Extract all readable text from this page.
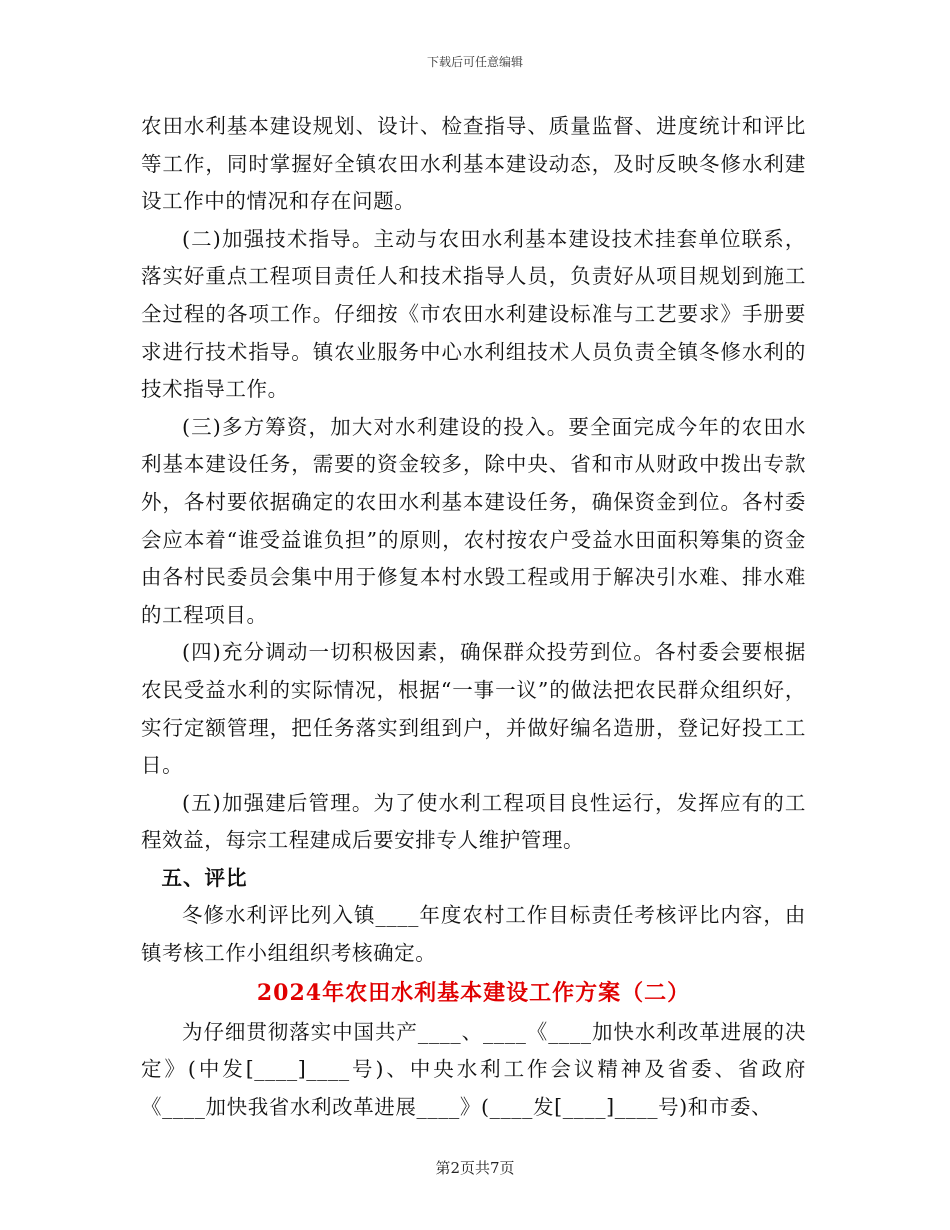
下载后可任意编辑

农田水利基本建设规划、设计、检查指导、质量监督、进度统计和评比等工作，同时掌握好全镇农田水利基本建设动态，及时反映冬修水利建设工作中的情况和存在问题。

(二)加强技术指导。主动与农田水利基本建设技术挂套单位联系，落实好重点工程项目责任人和技术指导人员，负责好从项目规划到施工全过程的各项工作。仔细按《市农田水利建设标准与工艺要求》手册要求进行技术指导。镇农业服务中心水利组技术人员负责全镇冬修水利的技术指导工作。

(三)多方筹资，加大对水利建设的投入。要全面完成今年的农田水利基本建设任务，需要的资金较多，除中央、省和市从财政中拨出专款外，各村要依据确定的农田水利基本建设任务，确保资金到位。各村委会应本着“谁受益谁负担”的原则，农村按农户受益水田面积筹集的资金由各村民委员会集中用于修复本村水毁工程或用于解决引水难、排水难的工程项目。

(四)充分调动一切积极因素，确保群众投劳到位。各村委会要根据农民受益水利的实际情况，根据“一事一议”的做法把农民群众组织好，实行定额管理，把任务落实到组到户，并做好编名造册，登记好投工工日。

(五)加强建后管理。为了使水利工程项目良性运行，发挥应有的工程效益，每宗工程建成后要安排专人维护管理。

五、评比

冬修水利评比列入镇____年度农村工作目标责任考核评比内容，由镇考核工作小组组织考核确定。

2024年农田水利基本建设工作方案（二）

为仔细贯彻落实中国共产____、____《____加快水利改革进展的决定》(中发[____]____号)、中央水利工作会议精神及省委、省政府《____加快我省水利改革进展____》(____发[____]____号)和市委、

第2页共7页
